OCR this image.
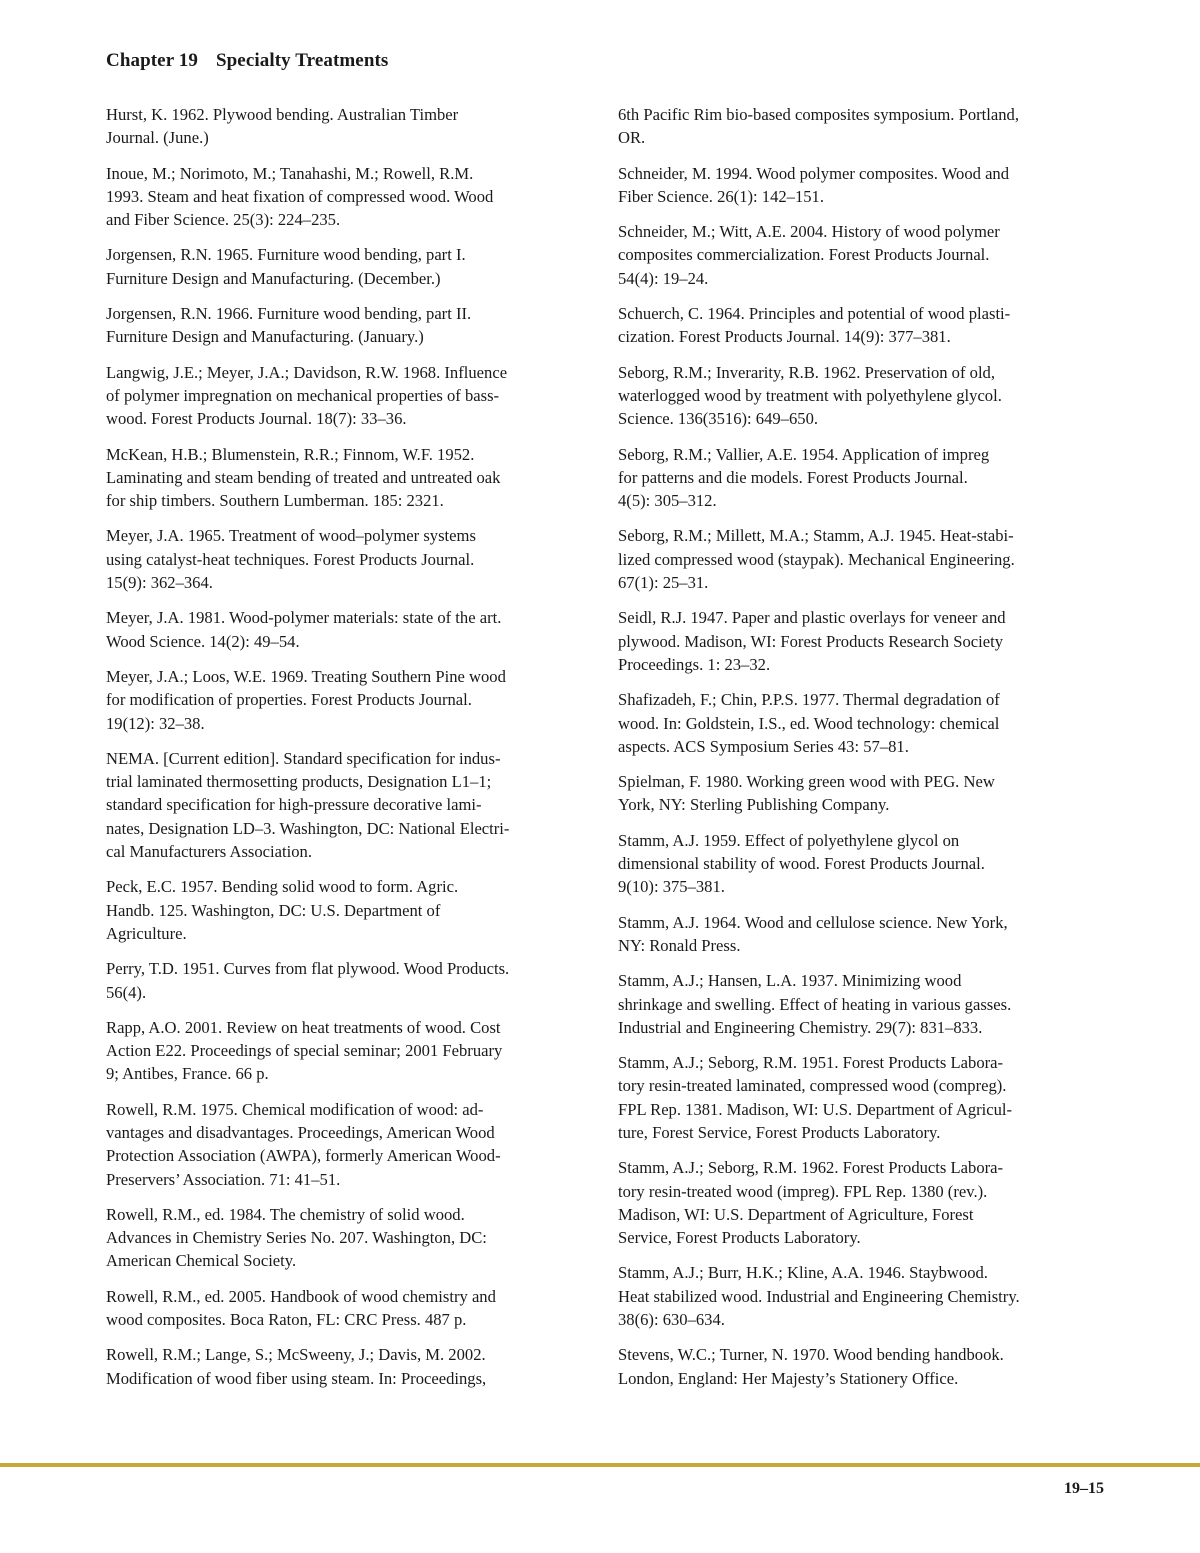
Chapter 19 Specialty Treatments
Hurst, K. 1962. Plywood bending. Australian Timber
Journal. (June.)
Inoue, M.; Norimoto, M.; Tanahashi, M.; Rowell, R.M.
1993. Steam and heat fixation of compressed wood. Wood
and Fiber Science. 25(3): 224–235.
Jorgensen, R.N. 1965. Furniture wood bending, part I.
Furniture Design and Manufacturing. (December.)
Jorgensen, R.N. 1966. Furniture wood bending, part II.
Furniture Design and Manufacturing. (January.)
Langwig, J.E.; Meyer, J.A.; Davidson, R.W. 1968. Influence
of polymer impregnation on mechanical properties of bass-
wood. Forest Products Journal. 18(7): 33–36.
McKean, H.B.; Blumenstein, R.R.; Finnom, W.F. 1952.
Laminating and steam bending of treated and untreated oak
for ship timbers. Southern Lumberman. 185: 2321.
Meyer, J.A. 1965. Treatment of wood–polymer systems
using catalyst-heat techniques. Forest Products Journal.
15(9): 362–364.
Meyer, J.A. 1981. Wood-polymer materials: state of the art.
Wood Science. 14(2): 49–54.
Meyer, J.A.; Loos, W.E. 1969. Treating Southern Pine wood
for modification of properties. Forest Products Journal.
19(12): 32–38.
NEMA. [Current edition]. Standard specification for indus-
trial laminated thermosetting products, Designation L1–1;
standard specification for high-pressure decorative lami-
nates, Designation LD–3. Washington, DC: National Electri-
cal Manufacturers Association.
Peck, E.C. 1957. Bending solid wood to form. Agric.
Handb. 125. Washington, DC: U.S. Department of
Agriculture.
Perry, T.D. 1951. Curves from flat plywood. Wood Products.
56(4).
Rapp, A.O. 2001. Review on heat treatments of wood. Cost
Action E22. Proceedings of special seminar; 2001 February
9; Antibes, France. 66 p.
Rowell, R.M. 1975. Chemical modification of wood: ad-
vantages and disadvantages. Proceedings, American Wood
Protection Association (AWPA), formerly American Wood-
Preservers’ Association. 71: 41–51.
Rowell, R.M., ed. 1984. The chemistry of solid wood.
Advances in Chemistry Series No. 207. Washington, DC:
American Chemical Society.
Rowell, R.M., ed. 2005. Handbook of wood chemistry and
wood composites. Boca Raton, FL: CRC Press. 487 p.
Rowell, R.M.; Lange, S.; McSweeny, J.; Davis, M. 2002.
Modification of wood fiber using steam. In: Proceedings,
6th Pacific Rim bio-based composites symposium. Portland,
OR.
Schneider, M. 1994. Wood polymer composites. Wood and
Fiber Science. 26(1): 142–151.
Schneider, M.; Witt, A.E. 2004. History of wood polymer
composites commercialization. Forest Products Journal.
54(4): 19–24.
Schuerch, C. 1964. Principles and potential of wood plasti-
cization. Forest Products Journal. 14(9): 377–381.
Seborg, R.M.; Inverarity, R.B. 1962. Preservation of old,
waterlogged wood by treatment with polyethylene glycol.
Science. 136(3516): 649–650.
Seborg, R.M.; Vallier, A.E. 1954. Application of impreg
for patterns and die models. Forest Products Journal.
4(5): 305–312.
Seborg, R.M.; Millett, M.A.; Stamm, A.J. 1945. Heat-stabi-
lized compressed wood (staypak). Mechanical Engineering.
67(1): 25–31.
Seidl, R.J. 1947. Paper and plastic overlays for veneer and
plywood. Madison, WI: Forest Products Research Society
Proceedings. 1: 23–32.
Shafizadeh, F.; Chin, P.P.S. 1977. Thermal degradation of
wood. In: Goldstein, I.S., ed. Wood technology: chemical
aspects. ACS Symposium Series 43: 57–81.
Spielman, F. 1980. Working green wood with PEG. New
York, NY: Sterling Publishing Company.
Stamm, A.J. 1959. Effect of polyethylene glycol on
dimensional stability of wood. Forest Products Journal.
9(10): 375–381.
Stamm, A.J. 1964. Wood and cellulose science. New York,
NY: Ronald Press.
Stamm, A.J.; Hansen, L.A. 1937. Minimizing wood
shrinkage and swelling. Effect of heating in various gasses.
Industrial and Engineering Chemistry. 29(7): 831–833.
Stamm, A.J.; Seborg, R.M. 1951. Forest Products Labora-
tory resin-treated laminated, compressed wood (compreg).
FPL Rep. 1381. Madison, WI: U.S. Department of Agricul-
ture, Forest Service, Forest Products Laboratory.
Stamm, A.J.; Seborg, R.M. 1962. Forest Products Labora-
tory resin-treated wood (impreg). FPL Rep. 1380 (rev.).
Madison, WI: U.S. Department of Agriculture, Forest
Service, Forest Products Laboratory.
Stamm, A.J.; Burr, H.K.; Kline, A.A. 1946. Staybwood.
Heat stabilized wood. Industrial and Engineering Chemistry.
38(6): 630–634.
Stevens, W.C.; Turner, N. 1970. Wood bending handbook.
London, England: Her Majesty’s Stationery Office.
19–15
